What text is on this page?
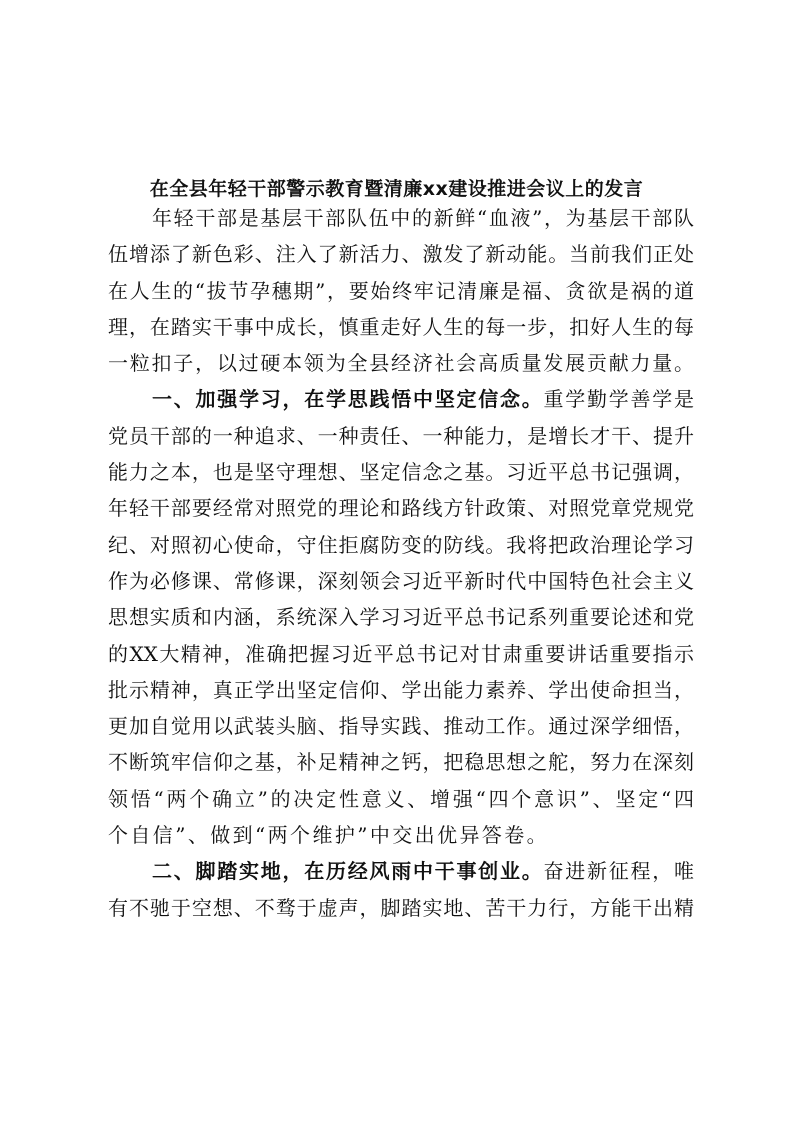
在全县年轻干部警示教育暨清廉xx建设推进会议上的发言
年轻干部是基层干部队伍中的新鲜“血液”，为基层干部队
伍增添了新色彩、注入了新活力、激发了新动能。当前我们正处
在人生的“拔节孕穗期”，要始终牢记清廉是福、贪欲是祸的道
理，在踏实干事中成长，慎重走好人生的每一步，扣好人生的每
一粒扣子，以过硬本领为全县经济社会高质量发展贡献力量。
一、加强学习，在学思践悟中坚定信念。重学勤学善学是
党员干部的一种追求、一种责任、一种能力，是增长才干、提升
能力之本，也是坚守理想、坚定信念之基。习近平总书记强调，
年轻干部要经常对照党的理论和路线方针政策、对照党章党规党
纪、对照初心使命，守住拒腐防变的防线。我将把政治理论学习
作为必修课、常修课，深刻领会习近平新时代中国特色社会主义
思想实质和内涵，系统深入学习习近平总书记系列重要论述和党
的XX大精神，准确把握习近平总书记对甘肃重要讲话重要指示
批示精神，真正学出坚定信仰、学出能力素养、学出使命担当，
更加自觉用以武装头脑、指导实践、推动工作。通过深学细悟，
不断筑牢信仰之基，补足精神之钙，把稳思想之舵，努力在深刻
领悟“两个确立”的决定性意义、增强“四个意识”、坚定“四
个自信”、做到“两个维护”中交出优异答卷。
二、脚踏实地，在历经风雨中干事创业。奋进新征程，唯
有不驰于空想、不骛于虚声，脚踏实地、苦干力行，方能干出精
